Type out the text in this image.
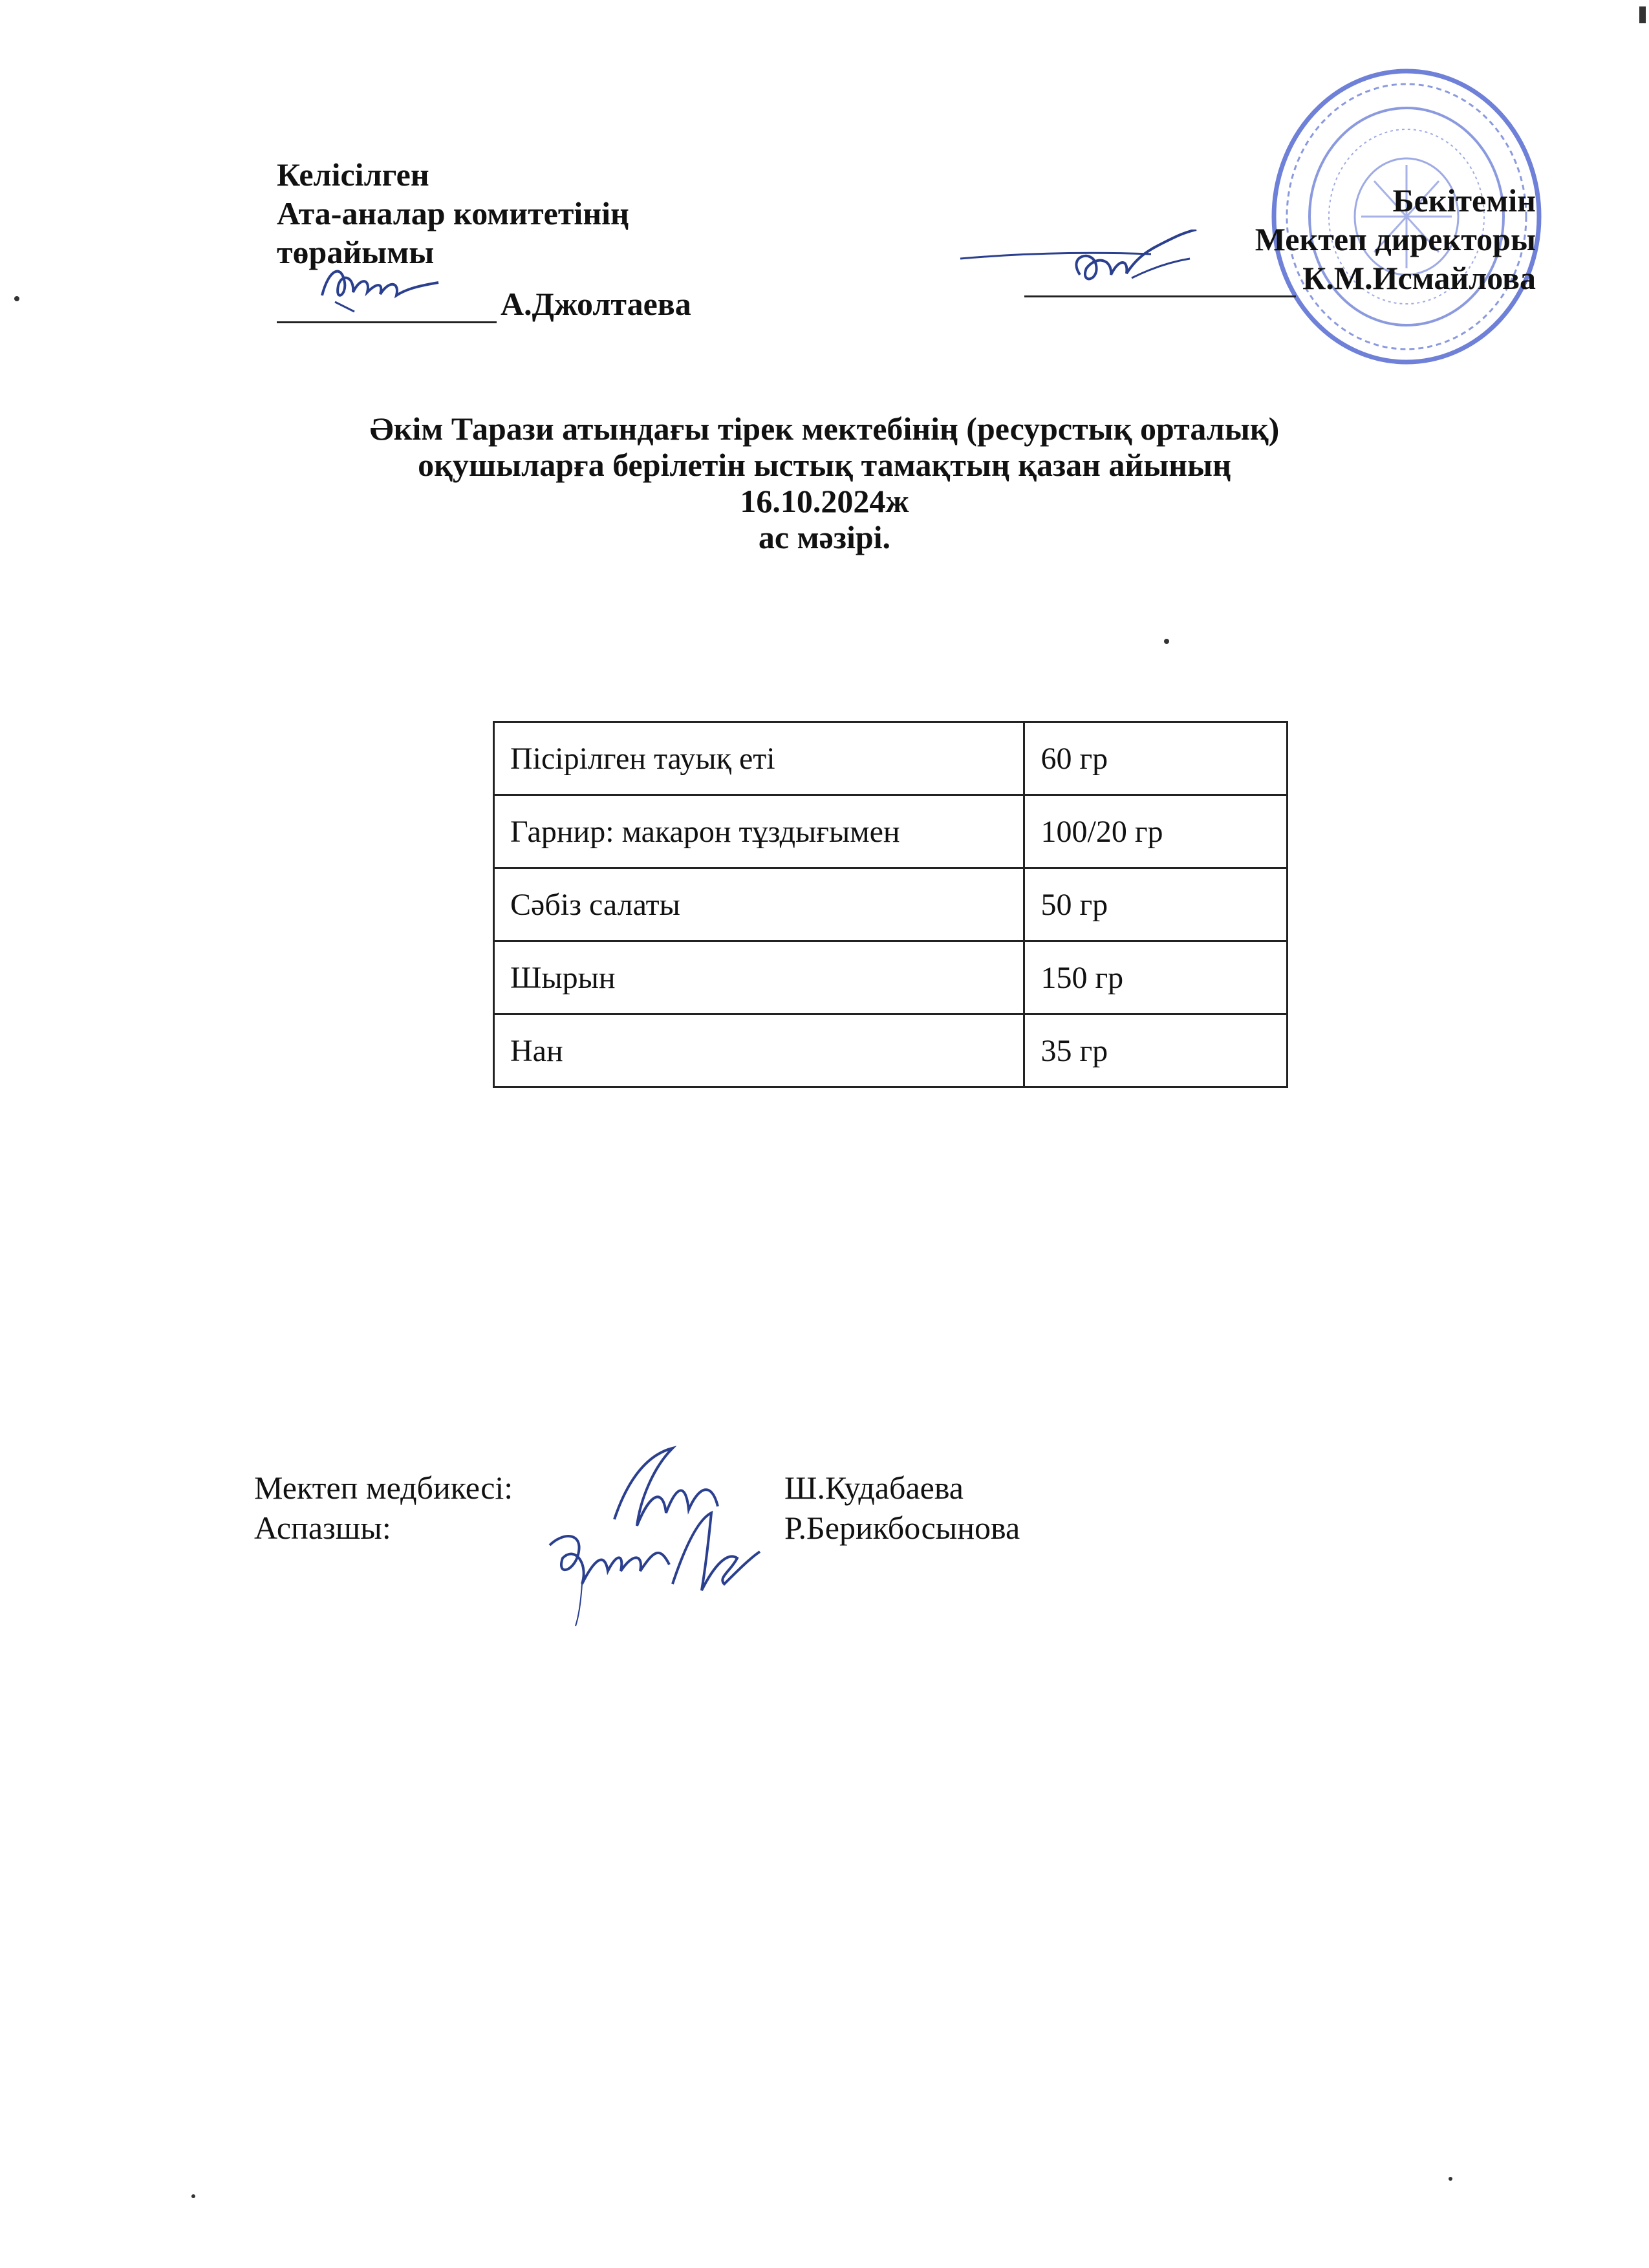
Келісілген
Ата-аналар комитетінің
төрайымы
А.Джолтаева
Бекітемін
Мектеп директоры
К.М.Исмайлова
Әкім Тарази атындағы тірек мектебінің (ресурстық орталық)
оқушыларға берілетін ыстық тамақтың қазан айының
16.10.2024ж
ас мәзірі.
Пісірілген тауық еті	60 гр
Гарнир: макарон тұздығымен	100/20 гр
Сәбіз салаты	50 гр
Шырын	150 гр
Нан	35 гр
Мектеп медбикесі:	Ш.Кудабаева
Аспазшы:	Р.Берикбосынова
